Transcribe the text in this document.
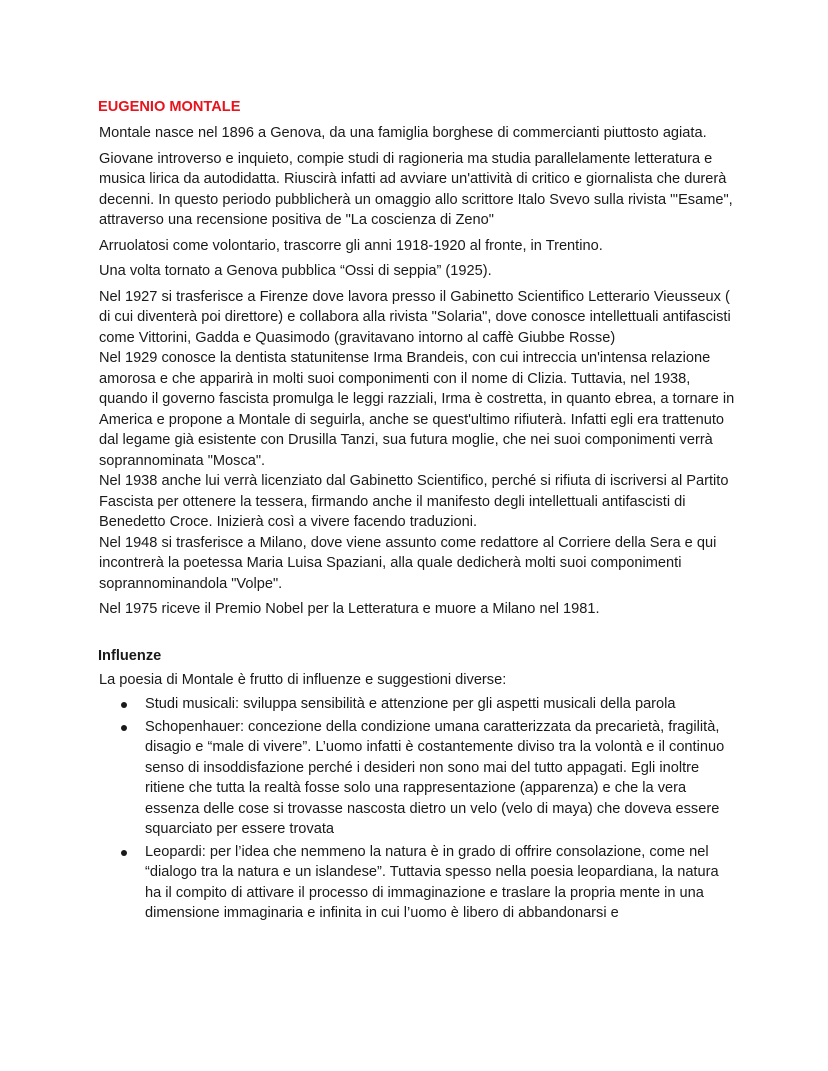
EUGENIO MONTALE
Montale nasce nel 1896 a Genova, da una famiglia borghese di commercianti piuttosto agiata.
Giovane introverso e inquieto, compie studi di ragioneria ma studia parallelamente letteratura e musica lirica da autodidatta. Riuscirà infatti ad avviare un'attività di critico e giornalista che durerà decenni. In questo periodo pubblicherà un omaggio allo scrittore Italo Svevo sulla rivista "'Esame", attraverso una recensione positiva de "La coscienza di Zeno"
Arruolatosi come volontario, trascorre gli anni 1918-1920 al fronte, in Trentino.
Una volta tornato a Genova pubblica “Ossi di seppia” (1925).
Nel 1927 si trasferisce a Firenze dove lavora presso il Gabinetto Scientifico Letterario Vieusseux ( di cui diventerà poi direttore) e collabora alla rivista "Solaria", dove conosce intellettuali antifascisti come Vittorini, Gadda e Quasimodo (gravitavano intorno al caffè Giubbe Rosse)
Nel 1929 conosce la dentista statunitense Irma Brandeis, con cui intreccia un'intensa relazione amorosa e che apparirà in molti suoi componimenti con il nome di Clizia. Tuttavia, nel 1938, quando il governo fascista promulga le leggi razziali, Irma è costretta, in quanto ebrea, a tornare in America e propone a Montale di seguirla, anche se quest'ultimo rifiuterà. Infatti egli era trattenuto dal legame già esistente con Drusilla Tanzi, sua futura moglie, che nei suoi componimenti verrà soprannominata "Mosca".
Nel 1938 anche lui verrà licenziato dal Gabinetto Scientifico, perché si rifiuta di iscriversi al Partito Fascista per ottenere la tessera, firmando anche il manifesto degli intellettuali antifascisti di Benedetto Croce. Inizierà così a vivere facendo traduzioni.
Nel 1948 si trasferisce a Milano, dove viene assunto come redattore al Corriere della Sera e qui incontrerà la poetessa Maria Luisa Spaziani, alla quale dedicherà molti suoi componimenti soprannominandola "Volpe".
Nel 1975 riceve il Premio Nobel per la Letteratura e muore a Milano nel 1981.
Influenze
La poesia di Montale è frutto di influenze e suggestioni diverse:
Studi musicali: sviluppa sensibilità e attenzione per gli aspetti musicali della parola
Schopenhauer: concezione della condizione umana caratterizzata da precarietà, fragilità, disagio e “male di vivere”. L’uomo infatti è costantemente diviso tra la volontà e il continuo senso di insoddisfazione perché i desideri non sono mai del tutto appagati. Egli inoltre ritiene che tutta la realtà fosse solo una rappresentazione (apparenza) e che la vera essenza delle cose si trovasse nascosta dietro un velo (velo di maya) che doveva essere squarciato per essere trovata
Leopardi: per l’idea che nemmeno la natura è in grado di offrire consolazione, come nel “dialogo tra la natura e un islandese”. Tuttavia spesso nella poesia leopardiana, la natura ha il compito di attivare il processo di immaginazione e traslare la propria mente in una dimensione immaginaria e infinita in cui l’uomo è libero di abbandonarsi e
